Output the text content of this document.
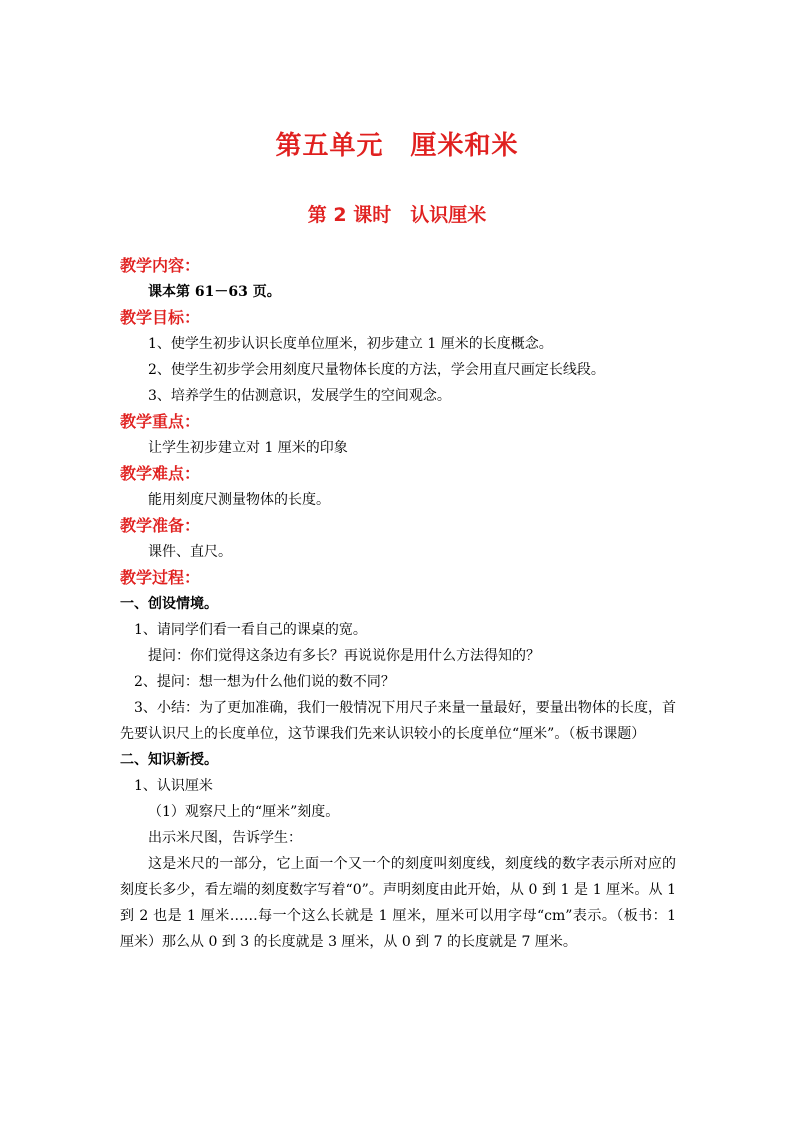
第五单元　厘米和米
第 2 课时　认识厘米

教学内容：

课本第 61－63 页。

教学目标：

1、使学生初步认识长度单位厘米，初步建立 1 厘米的长度概念。

2、使学生初步学会用刻度尺量物体长度的方法，学会用直尺画定长线段。

3、培养学生的估测意识，发展学生的空间观念。

教学重点：

让学生初步建立对 1 厘米的印象

教学难点：

能用刻度尺测量物体的长度。

教学准备：

课件、直尺。

教学过程：

一、创设情境。

1、请同学们看一看自己的课桌的宽。

提问：你们觉得这条边有多长？再说说你是用什么方法得知的？

2、提问：想一想为什么他们说的数不同？

3、小结：为了更加准确，我们一般情况下用尺子来量一量最好，要量出物体的长度，首先要认识尺上的长度单位，这节课我们先来认识较小的长度单位“厘米”。（板书课题）

二、知识新授。

1、认识厘米

（1）观察尺上的“厘米”刻度。

出示米尺图，告诉学生：

这是米尺的一部分，它上面一个又一个的刻度叫刻度线，刻度线的数字表示所对应的刻度长多少，看左端的刻度数字写着“0”。声明刻度由此开始，从 0 到 1 是 1 厘米。从 1 到 2 也是 1 厘米……每一个这么长就是 1 厘米，厘米可以用字母“cm”表示。（板书：1 厘米）那么从 0 到 3 的长度就是 3 厘米，从 0 到 7 的长度就是 7 厘米。
